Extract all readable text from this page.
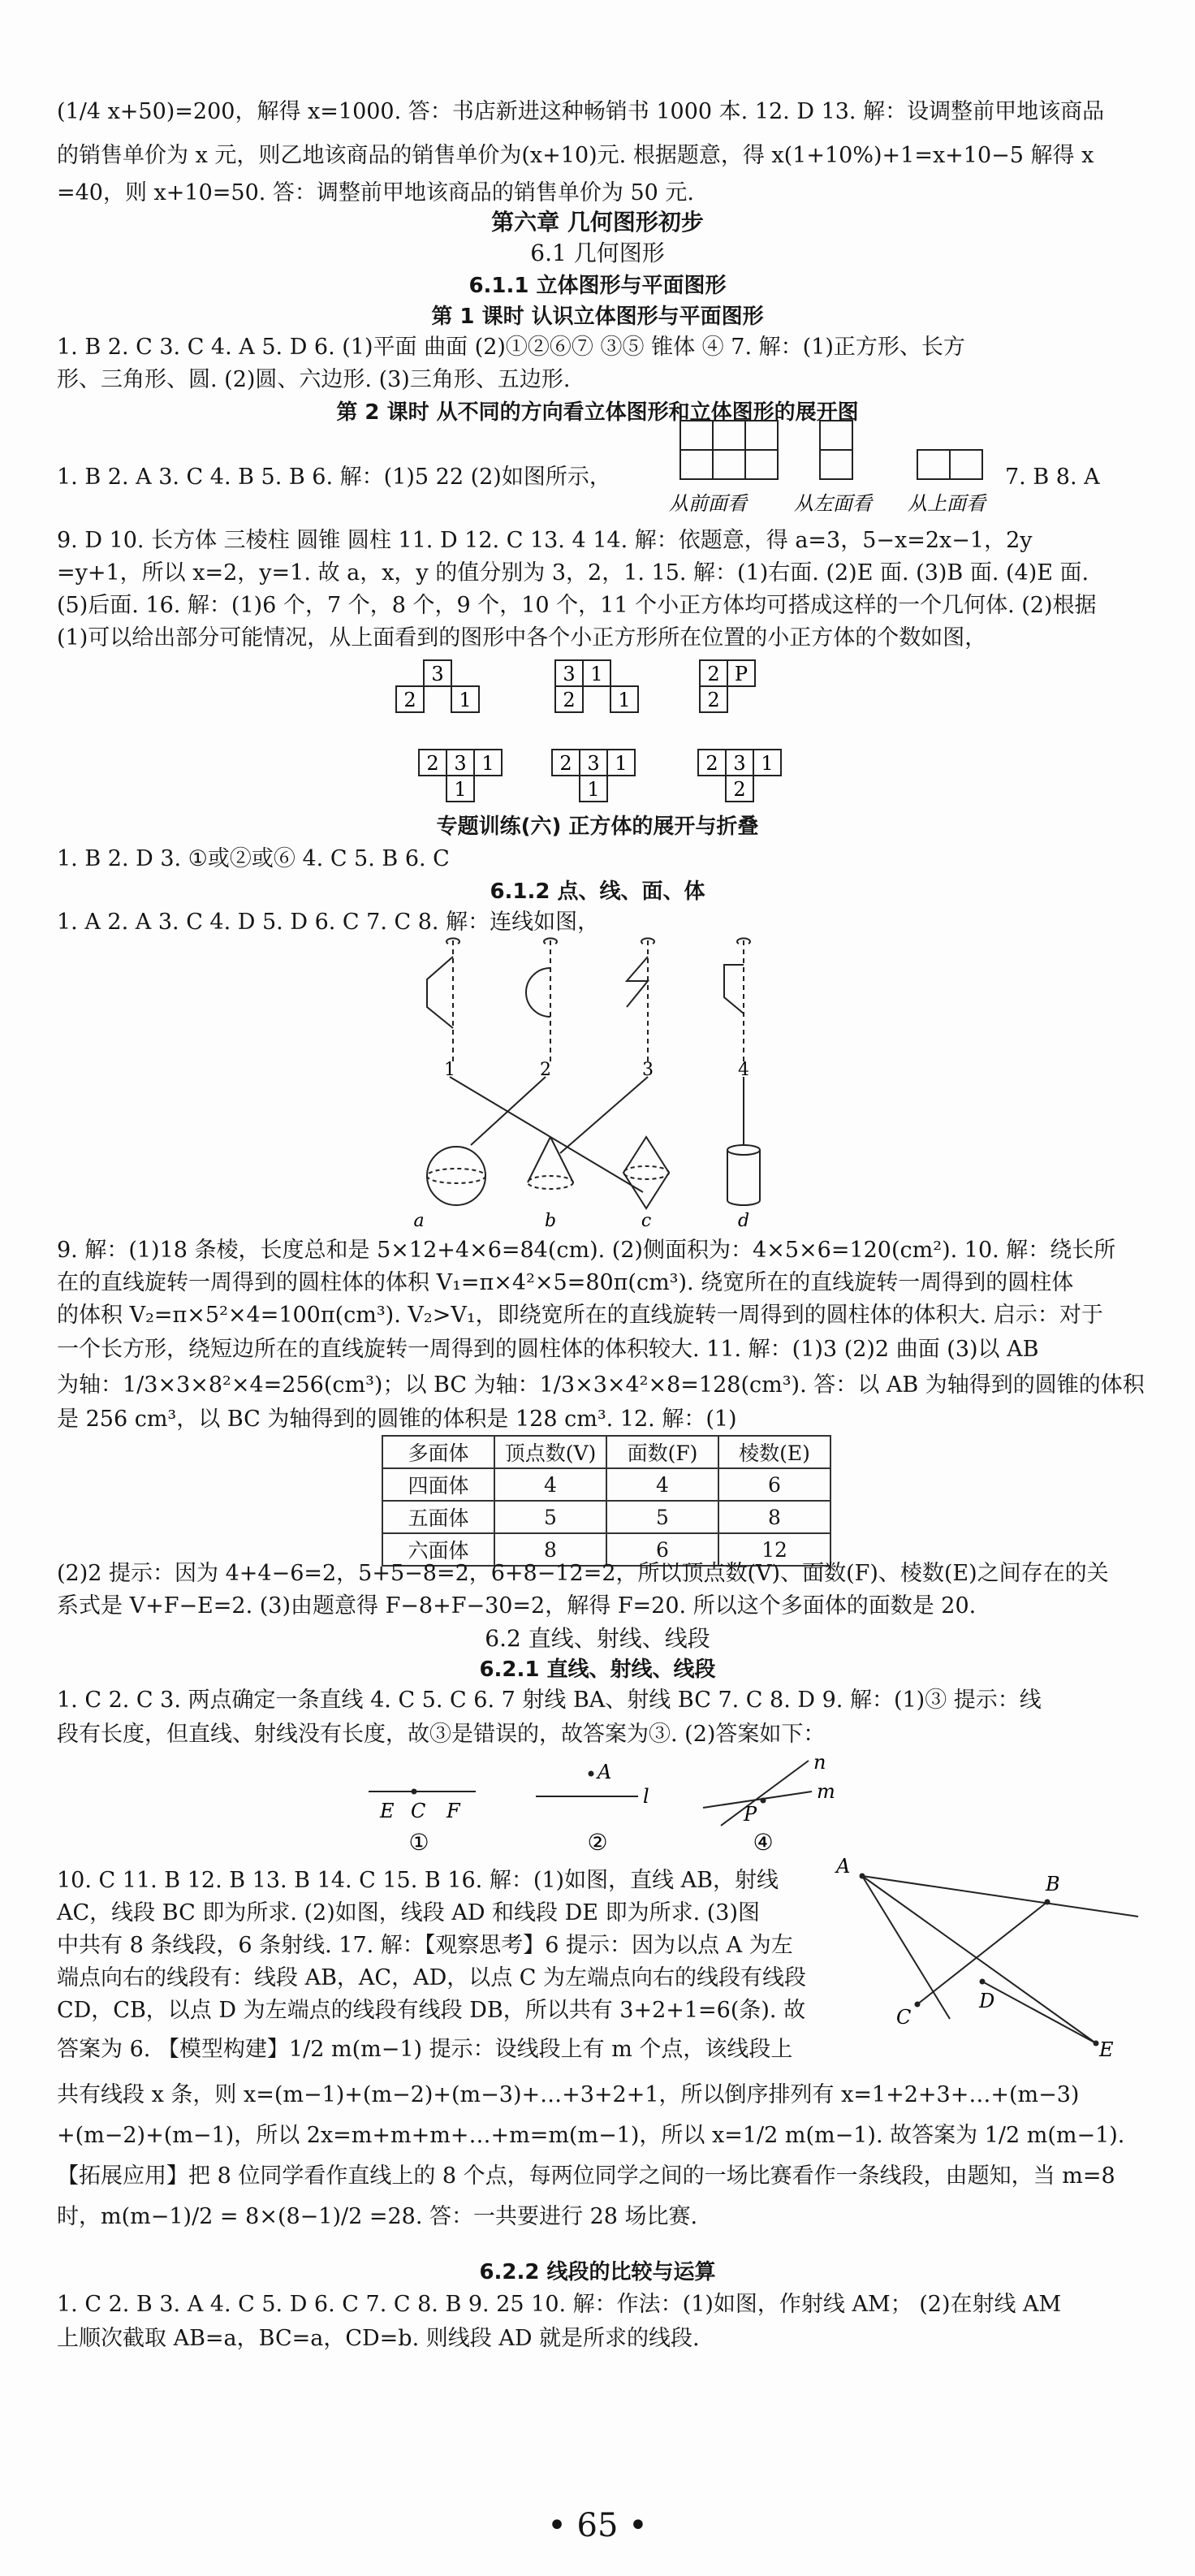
(1/4 x+50)=200，解得 x=1000. 答：书店新进这种畅销书 1000 本. 12. D 13. 解：设调整前甲地该商品
的销售单价为 x 元，则乙地该商品的销售单价为(x+10)元. 根据题意，得 x(1+10%)+1=x+10−5 解得 x
=40，则 x+10=50. 答：调整前甲地该商品的销售单价为 50 元.
第六章 几何图形初步
6.1 几何图形
6.1.1 立体图形与平面图形
第 1 课时 认识立体图形与平面图形
1. B 2. C 3. C 4. A 5. D 6. (1)平面 曲面 (2)①②⑥⑦ ③⑤ 锥体 ④ 7. 解：(1)正方形、长方
形、三角形、圆. (2)圆、六边形. (3)三角形、五边形.
第 2 课时 从不同的方向看立体图形和立体图形的展开图
1. B 2. A 3. C 4. B 5. B 6. 解：(1)5 22 (2)如图所示，	7. B 8. A
从前面看 从左面看 从上面看
9. D 10. 长方体 三棱柱 圆锥 圆柱 11. D 12. C 13. 4 14. 解：依题意，得 a=3，5−x=2x−1，2y
=y+1，所以 x=2，y=1. 故 a，x，y 的值分别为 3，2，1. 15. 解：(1)右面. (2)E 面. (3)B 面. (4)E 面.
(5)后面. 16. 解：(1)6 个，7 个，8 个，9 个，10 个，11 个小正方体均可搭成这样的一个几何体. (2)根据
(1)可以给出部分可能情况，从上面看到的图形中各个小正方形所在位置的小正方体的个数如图，
3
2 1
3 1
2 1
2 P
2
2 3 1
1
2 3 1
1
2 3 1
2
专题训练(六) 正方体的展开与折叠
1. B 2. D 3. ①或②或⑥ 4. C 5. B 6. C
6.1.2 点、线、面、体
1. A 2. A 3. C 4. D 5. D 6. C 7. C 8. 解：连线如图，
1	2	3	4
a	b	c	d
9. 解：(1)18 条棱，长度总和是 5×12+4×6=84(cm). (2)侧面积为：4×5×6=120(cm²). 10. 解：绕长所
在的直线旋转一周得到的圆柱体的体积 V₁=π×4²×5=80π(cm³). 绕宽所在的直线旋转一周得到的圆柱体
的体积 V₂=π×5²×4=100π(cm³). V₂>V₁，即绕宽所在的直线旋转一周得到的圆柱体的体积大. 启示：对于
一个长方形，绕短边所在的直线旋转一周得到的圆柱体的体积较大. 11. 解：(1)3 (2)2 曲面 (3)以 AB
为轴：1/3×3×8²×4=256(cm³)；以 BC 为轴：1/3×3×4²×8=128(cm³). 答：以 AB 为轴得到的圆锥的体积
是 256 cm³，以 BC 为轴得到的圆锥的体积是 128 cm³. 12. 解：(1)
多面体	顶点数(V)	面数(F)	棱数(E)
四面体	4	4	6
五面体	5	5	8
六面体	8	6	12
(2)2 提示：因为 4+4−6=2，5+5−8=2，6+8−12=2，所以顶点数(V)、面数(F)、棱数(E)之间存在的关
系式是 V+F−E=2. (3)由题意得 F−8+F−30=2，解得 F=20. 所以这个多面体的面数是 20.
6.2 直线、射线、线段
6.2.1 直线、射线、线段
1. C 2. C 3. 两点确定一条直线 4. C 5. C 6. 7 射线 BA、射线 BC 7. C 8. D 9. 解：(1)③ 提示：线
段有长度，但直线、射线没有长度，故③是错误的，故答案为③. (2)答案如下：
E C F
A
l
n
m
P
①	②	④
10. C 11. B 12. B 13. B 14. C 15. B 16. 解：(1)如图，直线 AB，射线
AC，线段 BC 即为所求. (2)如图，线段 AD 和线段 DE 即为所求. (3)图
中共有 8 条线段，6 条射线. 17. 解：【观察思考】6 提示：因为以点 A 为左
端点向右的线段有：线段 AB，AC，AD，以点 C 为左端点向右的线段有线段
CD，CB，以点 D 为左端点的线段有线段 DB，所以共有 3+2+1=6(条). 故
答案为 6. 【模型构建】1/2 m(m−1) 提示：设线段上有 m 个点，该线段上
A
B
C
D
E
共有线段 x 条，则 x=(m−1)+(m−2)+(m−3)+…+3+2+1，所以倒序排列有 x=1+2+3+…+(m−3)
+(m−2)+(m−1)，所以 2x=m+m+m+…+m=m(m−1)，所以 x=1/2 m(m−1). 故答案为 1/2 m(m−1).
【拓展应用】把 8 位同学看作直线上的 8 个点，每两位同学之间的一场比赛看作一条线段，由题知，当 m=8
时，m(m−1)/2 = 8×(8−1)/2 =28. 答：一共要进行 28 场比赛.
6.2.2 线段的比较与运算
1. C 2. B 3. A 4. C 5. D 6. C 7. C 8. B 9. 25 10. 解：作法：(1)如图，作射线 AM； (2)在射线 AM
上顺次截取 AB=a，BC=a，CD=b. 则线段 AD 就是所求的线段.
• 65 •
